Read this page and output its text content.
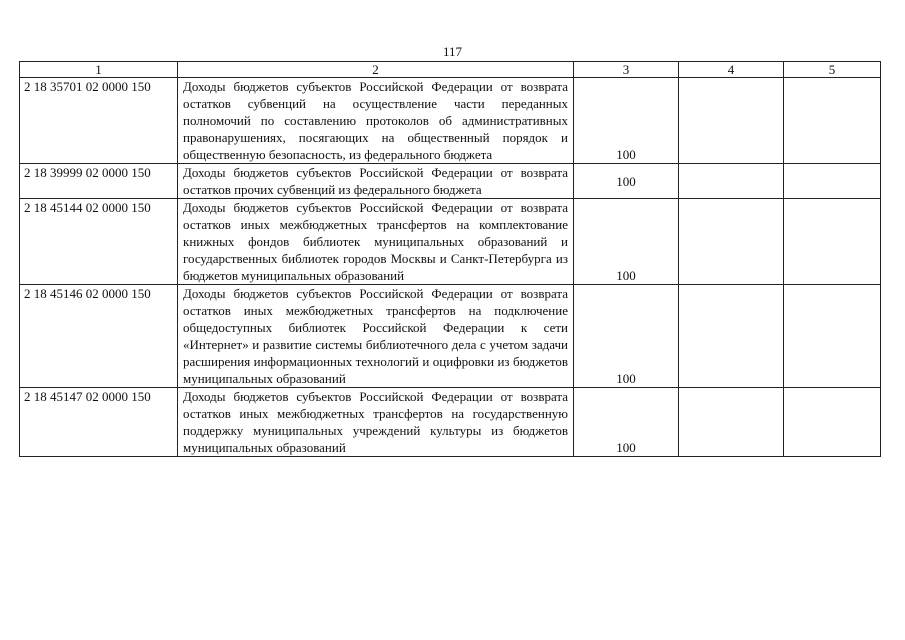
117
1	2	3	4	5
2 18 35701 02 0000 150	Доходы бюджетов субъектов Российской Федерации от возврата остатков субвенций на осуществление части переданных полномочий по составлению протоколов об административных правонарушениях, посягающих на общественный порядок и общественную безопасность, из федерального бюджета	100		
2 18 39999 02 0000 150	Доходы бюджетов субъектов Российской Федерации от возврата остатков прочих субвенций из федерального бюджета	100		
2 18 45144 02 0000 150	Доходы бюджетов субъектов Российской Федерации от возврата остатков иных межбюджетных трансфертов на комплектование книжных фондов библиотек муниципальных образований и государственных библиотек городов Москвы и Санкт-Петербурга из бюджетов муниципальных образований	100		
2 18 45146 02 0000 150	Доходы бюджетов субъектов Российской Федерации от возврата остатков иных межбюджетных трансфертов на подключение общедоступных библиотек Российской Федерации к сети «Интернет» и развитие системы библиотечного дела с учетом задачи расширения информационных технологий и оцифровки из бюджетов муниципальных образований	100		
2 18 45147 02 0000 150	Доходы бюджетов субъектов Российской Федерации от возврата остатков иных межбюджетных трансфертов на государственную поддержку муниципальных учреждений культуры из бюджетов муниципальных образований	100		
